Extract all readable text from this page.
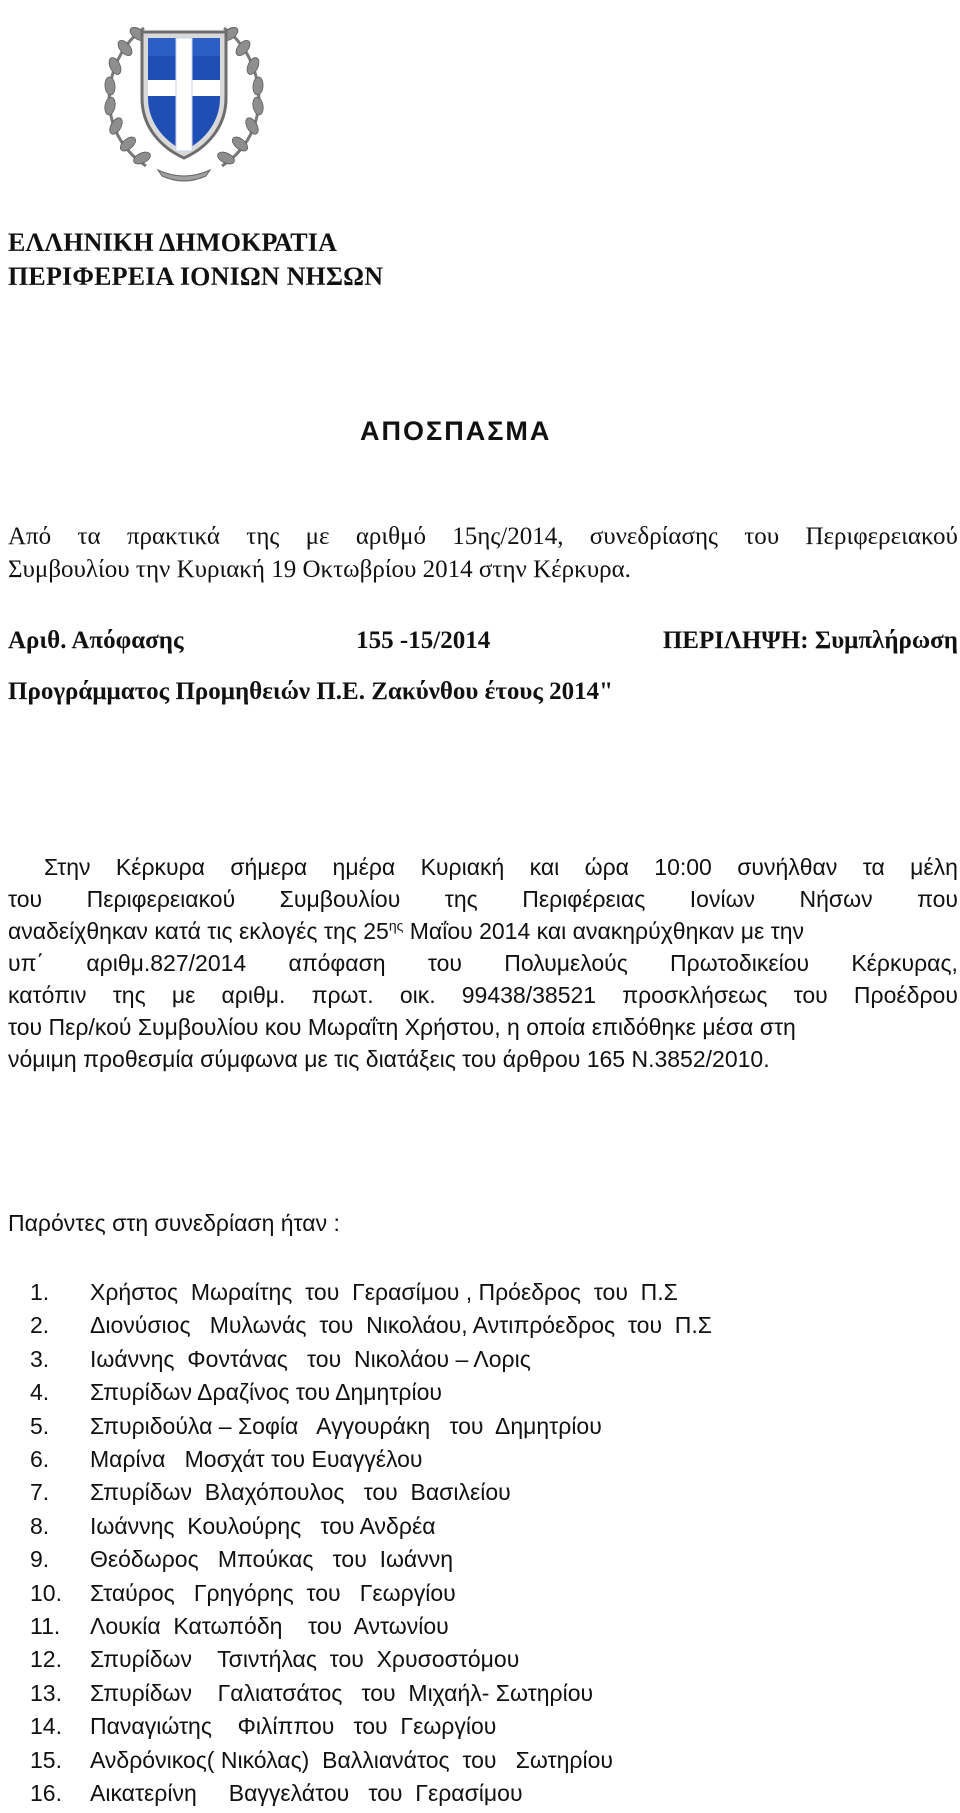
ΕΛΛΗΝΙΚΗ ΔΗΜΟΚΡΑΤΙΑ
ΠΕΡΙΦΕΡΕΙΑ ΙΟΝΙΩΝ ΝΗΣΩΝ
ΑΠΟΣΠΑΣΜΑ
Από τα πρακτικά της με αριθμό 15ης/2014, συνεδρίασης του Περιφερειακού
Συμβουλίου την Κυριακή 19 Οκτωβρίου 2014 στην Κέρκυρα.
Αριθ. Απόφασης	155 -15/2014	ΠΕΡΙΛΗΨΗ: Συμπλήρωση
Προγράμματος Προμηθειών Π.Ε. Ζακύνθου έτους 2014"
Στην Κέρκυρα σήμερα ημέρα Κυριακή και ώρα 10:00 συνήλθαν τα μέλη
του Περιφερειακού Συμβουλίου της Περιφέρειας Ιονίων Νήσων που
αναδείχθηκαν κατά τις εκλογές της $25^{\eta\varsigma}$ Μαΐου 2014 και ανακηρύχθηκαν με την
υπ΄ αριθμ.827/2014 απόφαση του Πολυμελούς Πρωτοδικείου Κέρκυρας,
κατόπιν της με αριθμ. πρωτ. οικ. 99438/38521 προσκλήσεως του Προέδρου
του Περ/κού Συμβουλίου κου Μωραΐτη Χρήστου, η οποία επιδόθηκε μέσα στη
νόμιμη προθεσμία σύμφωνα με τις διατάξεις του άρθρου 165 Ν.3852/2010.
Παρόντες στη συνεδρίαση ήταν :
1.	Χρήστος  Μωραίτης  του  Γερασίμου , Πρόεδρος  του  Π.Σ
2.	Διονύσιος   Μυλωνάς  του  Νικολάου, Αντιπρόεδρος  του  Π.Σ
3.	Ιωάννης  Φοντάνας   του  Νικολάου – Λορις
4.	Σπυρίδων Δραζίνος του Δημητρίου
5.	Σπυριδούλα – Σοφία   Αγγουράκη   του  Δημητρίου
6.	Μαρίνα   Μοσχάτ του Ευαγγέλου
7.	Σπυρίδων  Βλαχόπουλος   του  Βασιλείου
8.	Ιωάννης  Κουλούρης   του Ανδρέα
9.	Θεόδωρος   Μπούκας   του  Ιωάννη
10.	Σταύρος   Γρηγόρης  του   Γεωργίου
11.	Λουκία  Κατωπόδη    του  Αντωνίου
12.	Σπυρίδων    Τσιντήλας  του  Χρυσοστόμου
13.	Σπυρίδων    Γαλιατσάτος   του  Μιχαήλ- Σωτηρίου
14.	Παναγιώτης    Φιλίππου   του  Γεωργίου
15.	Ανδρόνικος( Νικόλας)  Βαλλιανάτος  του   Σωτηρίου
16.	Αικατερίνη     Βαγγελάτου   του  Γερασίμου
